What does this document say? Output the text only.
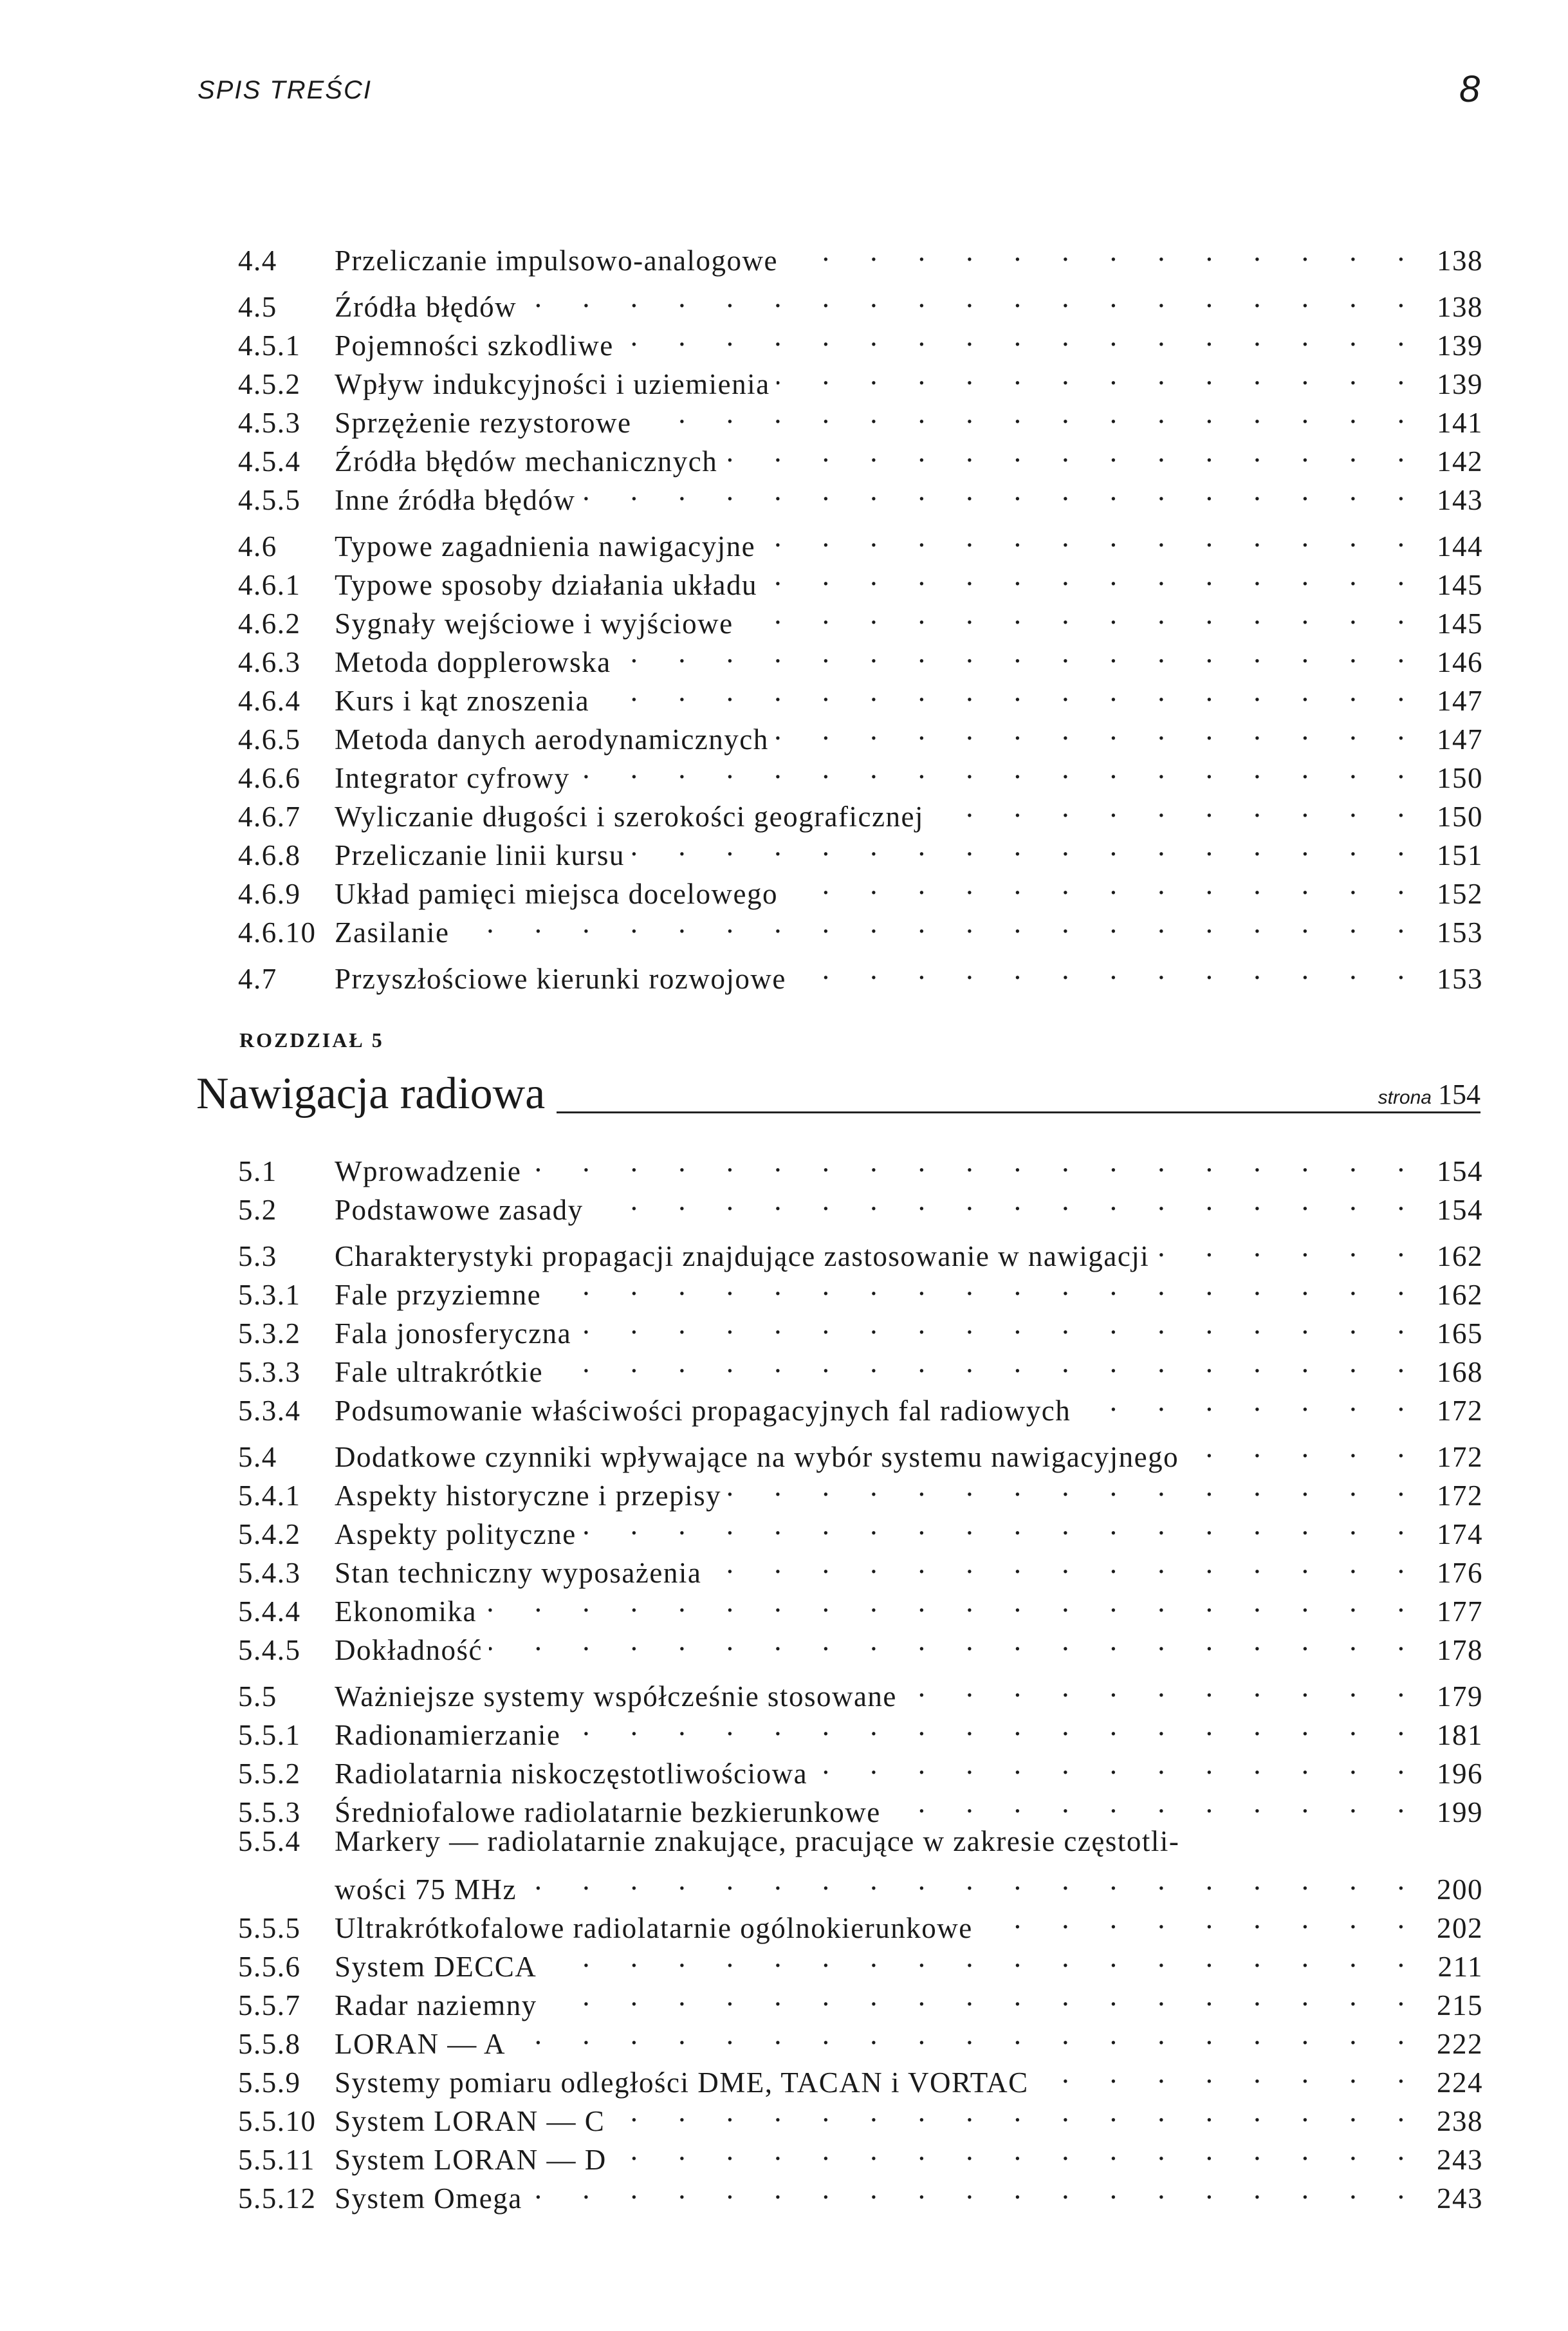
SPIS TREŚCI	8
4.4	Przeliczanie impulsowo-analogowe . . .	138
4.5	Źródła błędów . . .	138
4.5.1	Pojemności szkodliwe . . .	139
4.5.2	Wpływ indukcyjności i uziemienia . . .	139
4.5.3	Sprzężenie rezystorowe . . .	141
4.5.4	Źródła błędów mechanicznych . . .	142
4.5.5	Inne źródła błędów . . .	143
4.6	Typowe zagadnienia nawigacyjne . . .	144
4.6.1	Typowe sposoby działania układu . . .	145
4.6.2	Sygnały wejściowe i wyjściowe . . .	145
4.6.3	Metoda dopplerowska . . .	146
4.6.4	Kurs i kąt znoszenia . . .	147
4.6.5	Metoda danych aerodynamicznych . . .	147
4.6.6	Integrator cyfrowy . . .	150
4.6.7	Wyliczanie długości i szerokości geograficznej . . .	150
4.6.8	Przeliczanie linii kursu . . .	151
4.6.9	Układ pamięci miejsca docelowego . . .	152
4.6.10 Zasilanie . . .	153
4.7	Przyszłościowe kierunki rozwojowe . . .	153
ROZDZIAŁ 5
Nawigacja radiowa	strona 154
5.1	Wprowadzenie . . .	154
5.2	Podstawowe zasady . . .	154
5.3	Charakterystyki propagacji znajdujące zastosowanie w nawigacji . . .	162
5.3.1	Fale przyziemne . . .	162
5.3.2	Fala jonosferyczna . . .	165
5.3.3	Fale ultrakrótkie . . .	168
5.3.4	Podsumowanie właściwości propagacyjnych fal radiowych . . .	172
5.4	Dodatkowe czynniki wpływające na wybór systemu nawigacyjnego . . .	172
5.4.1	Aspekty historyczne i przepisy . . .	172
5.4.2	Aspekty polityczne . . .	174
5.4.3	Stan techniczny wyposażenia . . .	176
5.4.4	Ekonomika . . .	177
5.4.5	Dokładność . . .	178
5.5	Ważniejsze systemy współcześnie stosowane . . .	179
5.5.1	Radionamierzanie . . .	181
5.5.2	Radiolatarnia niskoczęstotliwościowa . . .	196
5.5.3	Średniofalowe radiolatarnie bezkierunkowe . . .	199
5.5.4	Markery — radiolatarnie znakujące, pracujące w zakresie częstotli-
wości 75 MHz . . .	200
5.5.5	Ultrakrótkofalowe radiolatarnie ogólnokierunkowe . . .	202
5.5.6	System DECCA . . .	211
5.5.7	Radar naziemny . . .	215
5.5.8	LORAN — A . . .	222
5.5.9	Systemy pomiaru odległości DME, TACAN i VORTAC . . .	224
5.5.10 System LORAN — C . . .	238
5.5.11 System LORAN — D . . .	243
5.5.12 System Omega . . .	243
